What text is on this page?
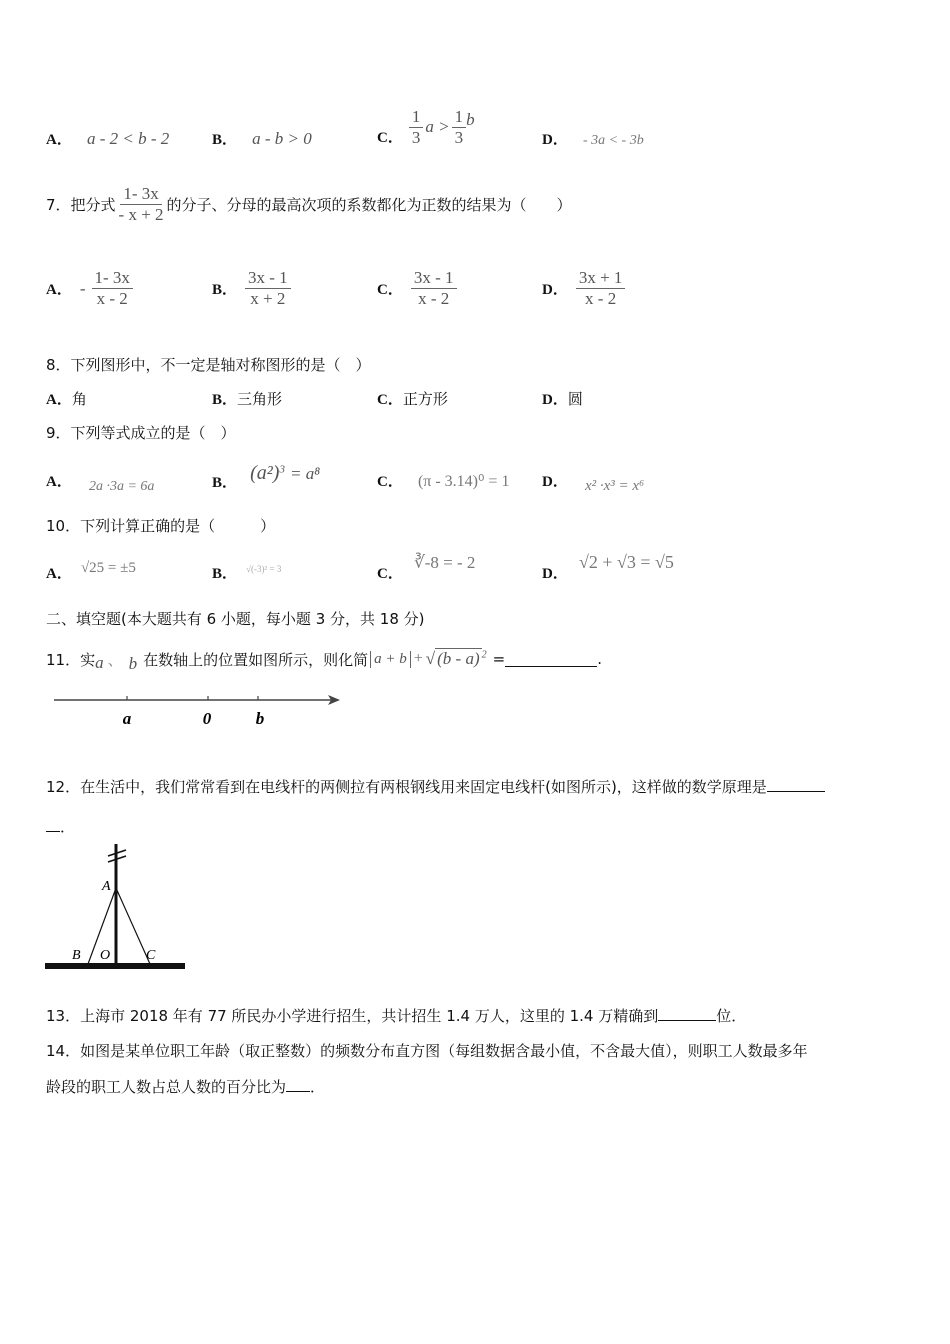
A． a - 2 < b - 2	B． a - b > 0	C． $\frac{1}{3}$ $a > \frac{1}{3}$ b
D． - 3a < - 3b
7．把分式 $\frac{1- 3x}{- x + 2}$ 的分子、分母的最高次项的系数都化为正数的结果为（　　）
A． - $\frac{1- 3x}{x - 2}$	B． $\frac{3x - 1}{x + 2}$	C． $\frac{3x - 1}{x - 2}$	D． $\frac{3x + 1}{x - 2}$
8．下列图形中，不一定是轴对称图形的是（　）
A．角	B．三角形	C．正方形	D．圆
9．下列等式成立的是（　）
A． 2a ·3a = 6a	B． $(a^2)^3 = a^8$	C． (π - 3.14)⁰ = 1 D． x² ·x³ = x⁶
10．下列计算正确的是（　　　）
A． √25 = ±5	B． √(-3)² = 3	C． ∛-8 = - 2
D． √2 + √3 = √5
二、填空题(本大题共有 6 小题，每小题 3 分，共 18 分)
11．实 a 、 b 在数轴上的位置如图所示，则化简 a + b + √ (b - a) $^2$ =	.
a	0	b
12．在生活中，我们常常看到在电线杆的两侧拉有两根钢线用来固定电线杆(如图所示)，这样做的数学原理是
．
A
B O	C
13．上海市 2018 年有 77 所民办小学进行招生，共计招生 1.4 万人，这里的 1.4 万精确到	位．
14．如图是某单位职工年龄（取正整数）的频数分布直方图（每组数据含最小值，不含最大值），则职工人数最多年
龄段的职工人数占总人数的百分比为 ．
